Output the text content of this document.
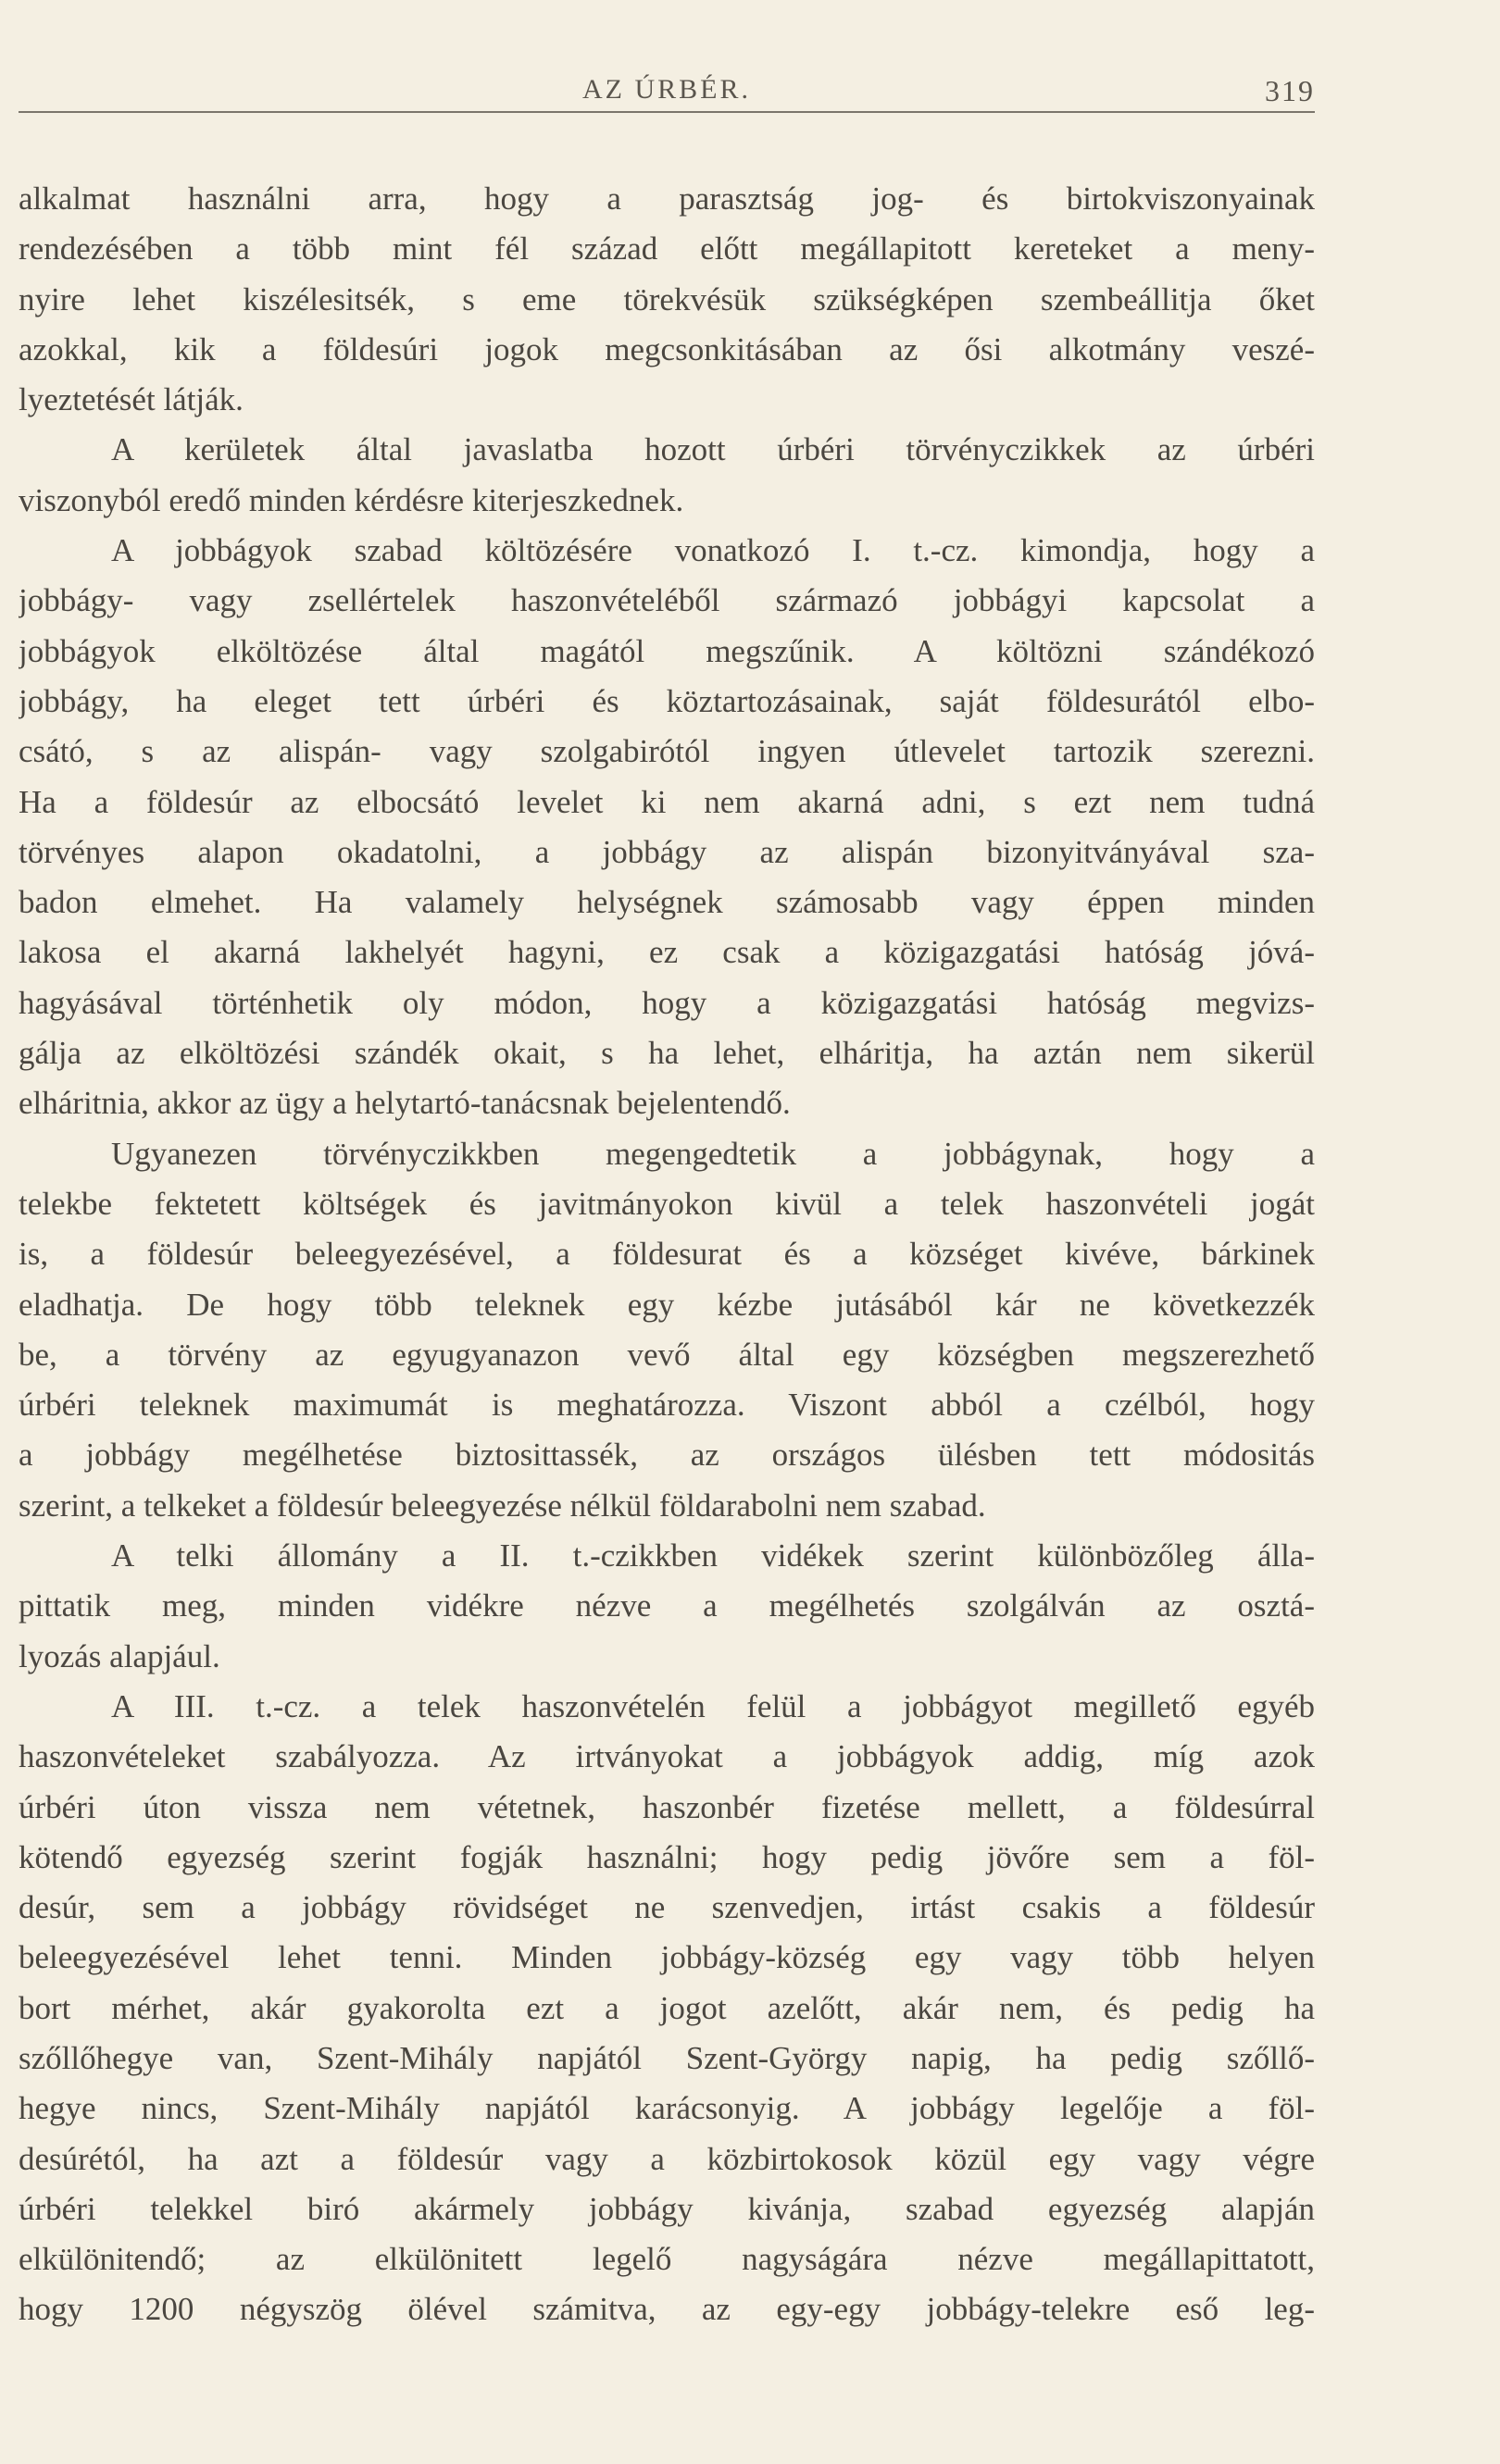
AZ ÚRBÉR.	319
alkalmat használni arra, hogy a parasztság jog- és birtokviszonyainak
rendezésében a több mint fél század előtt megállapitott kereteket a meny-
nyire lehet kiszélesitsék, s eme törekvésük szükségképen szembeállitja őket
azokkal, kik a földesúri jogok megcsonkitásában az ősi alkotmány veszé-
lyeztetését látják.
A kerületek által javaslatba hozott úrbéri törvényczikkek az úrbéri
viszonyból eredő minden kérdésre kiterjeszkednek.
A jobbágyok szabad költözésére vonatkozó I. t.-cz. kimondja, hogy a
jobbágy- vagy zsellértelek haszonvételéből származó jobbágyi kapcsolat a
jobbágyok elköltözése által magától megszűnik. A költözni szándékozó
jobbágy, ha eleget tett úrbéri és köztartozásainak, saját földesurától elbo-
csátó, s az alispán- vagy szolgabirótól ingyen útlevelet tartozik szerezni.
Ha a földesúr az elbocsátó levelet ki nem akarná adni, s ezt nem tudná
törvényes alapon okadatolni, a jobbágy az alispán bizonyitványával sza-
badon elmehet. Ha valamely helységnek számosabb vagy éppen minden
lakosa el akarná lakhelyét hagyni, ez csak a közigazgatási hatóság jóvá-
hagyásával történhetik oly módon, hogy a közigazgatási hatóság megvizs-
gálja az elköltözési szándék okait, s ha lehet, elháritja, ha aztán nem sikerül
elháritnia, akkor az ügy a helytartó-tanácsnak bejelentendő.
Ugyanezen törvényczikkben megengedtetik a jobbágynak, hogy a
telekbe fektetett költségek és javitmányokon kivül a telek haszonvételi jogát
is, a földesúr beleegyezésével, a földesurat és a községet kivéve, bárkinek
eladhatja. De hogy több teleknek egy kézbe jutásából kár ne következzék
be, a törvény az egyugyanazon vevő által egy községben megszerezhető
úrbéri teleknek maximumát is meghatározza. Viszont abból a czélból, hogy
a jobbágy megélhetése biztosittassék, az országos ülésben tett módositás
szerint, a telkeket a földesúr beleegyezése nélkül földarabolni nem szabad.
A telki állomány a II. t.-czikkben vidékek szerint különbözőleg álla-
pittatik meg, minden vidékre nézve a megélhetés szolgálván az osztá-
lyozás alapjául.
A III. t.-cz. a telek haszonvételén felül a jobbágyot megillető egyéb
haszonvételeket szabályozza. Az irtványokat a jobbágyok addig, míg azok
úrbéri úton vissza nem vétetnek, haszonbér fizetése mellett, a földesúrral
kötendő egyezség szerint fogják használni; hogy pedig jövőre sem a föl-
desúr, sem a jobbágy rövidséget ne szenvedjen, irtást csakis a földesúr
beleegyezésével lehet tenni. Minden jobbágy-község egy vagy több helyen
bort mérhet, akár gyakorolta ezt a jogot azelőtt, akár nem, és pedig ha
szőllőhegye van, Szent-Mihály napjától Szent-György napig, ha pedig szőllő-
hegye nincs, Szent-Mihály napjától karácsonyig. A jobbágy legelője a föl-
desúrétól, ha azt a földesúr vagy a közbirtokosok közül egy vagy végre
úrbéri telekkel biró akármely jobbágy kivánja, szabad egyezség alapján
elkülönitendő; az elkülönitett legelő nagyságára nézve megállapittatott,
hogy 1200 négyszög ölével számitva, az egy-egy jobbágy-telekre eső leg-
